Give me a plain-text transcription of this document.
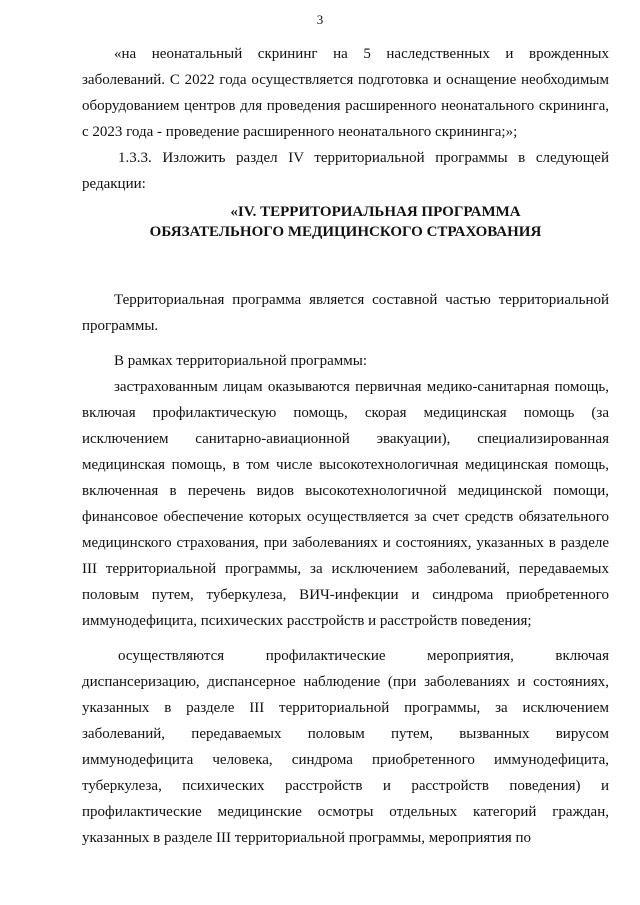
3

«на неонатальный скрининг на 5 наследственных и врожденных заболеваний. С 2022 года осуществляется подготовка и оснащение необходимым оборудованием центров для проведения расширенного неонатального скрининга, с 2023 года - проведение расширенного неонатального скрининга;»;

1.3.3. Изложить раздел IV территориальной программы в следующей редакции:

«IV. ТЕРРИТОРИАЛЬНАЯ ПРОГРАММА
ОБЯЗАТЕЛЬНОГО МЕДИЦИНСКОГО СТРАХОВАНИЯ

Территориальная программа является составной частью территориальной программы.

В рамках территориальной программы:

застрахованным лицам оказываются первичная медико-санитарная помощь, включая профилактическую помощь, скорая медицинская помощь (за исключением санитарно-авиационной эвакуации), специализированная медицинская помощь, в том числе высокотехнологичная медицинская помощь, включенная в перечень видов высокотехнологичной медицинской помощи, финансовое обеспечение которых осуществляется за счет средств обязательного медицинского страхования, при заболеваниях и состояниях, указанных в разделе III территориальной программы, за исключением заболеваний, передаваемых половым путем, туберкулеза, ВИЧ-инфекции и синдрома приобретенного иммунодефицита, психических расстройств и расстройств поведения;

осуществляются профилактические мероприятия, включая диспансеризацию, диспансерное наблюдение (при заболеваниях и состояниях, указанных в разделе III территориальной программы, за исключением заболеваний, передаваемых половым путем, вызванных вирусом иммунодефицита человека, синдрома приобретенного иммунодефицита, туберкулеза, психических расстройств и расстройств поведения) и профилактические медицинские осмотры отдельных категорий граждан, указанных в разделе III территориальной программы, мероприятия по
